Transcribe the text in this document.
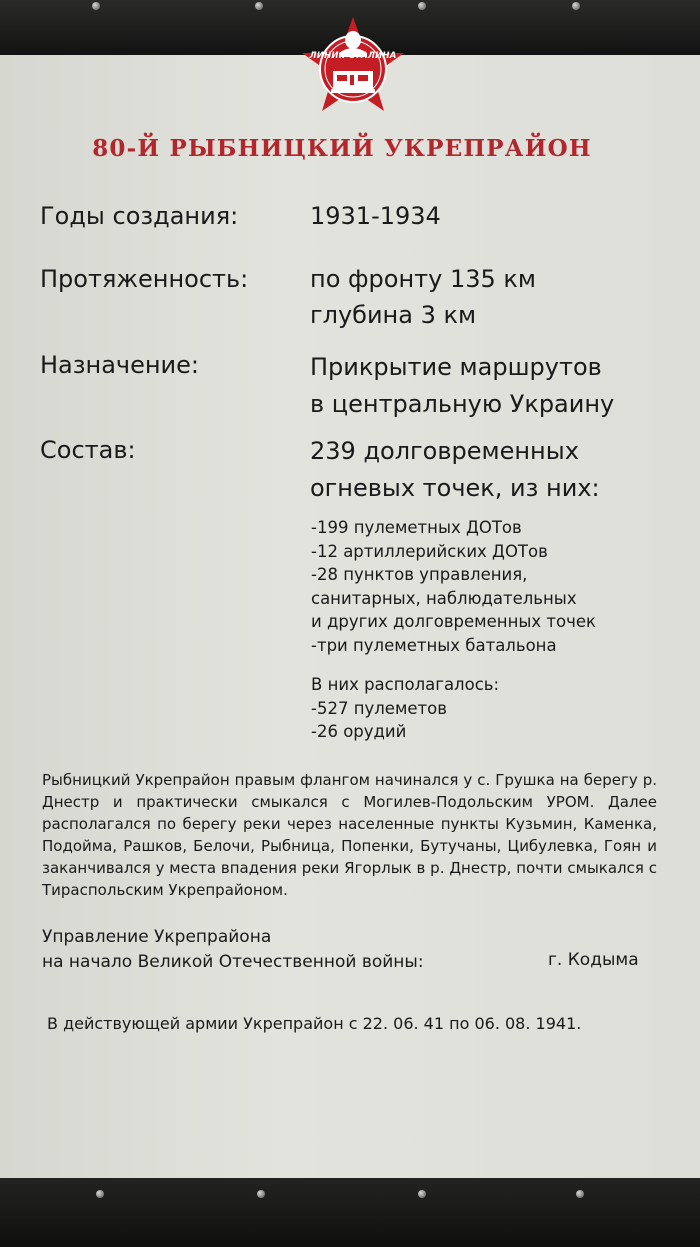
ЛИНИЯ СТАЛИНА
80-Й РЫБНИЦКИЙ УКРЕПРАЙОН
Годы создания:	1931-1934
Протяженность:	по фронту 135 км
глубина 3 км
Назначение:	Прикрытие маршрутов
в центральную Украину
Состав:	239 долговременных
огневых точек, из них:
-199 пулеметных ДОТов
-12 артиллерийских ДОТов
-28 пунктов управления,
санитарных, наблюдательных
и других долговременных точек
-три пулеметных батальона
В них располагалось:
-527 пулеметов
-26 орудий
Рыбницкий Укрепрайон правым флангом начинался у с. Грушка на берегу р. Днестр и практически смыкался с Могилев-Подольским УРОМ. Далее располагался по берегу реки через населенные пункты Кузьмин, Каменка, Подойма, Рашков, Белочи, Рыбница, Попенки, Бутучаны, Цибулевка, Гоян и заканчивался у места впадения реки Ягорлык в р. Днестр, почти смыкался с Тираспольским Укрепрайоном.
Управление Укрепрайона
на начало Великой Отечественной войны:	г. Кодыма
В действующей армии Укрепрайон с 22. 06. 41 по 06. 08. 1941.
